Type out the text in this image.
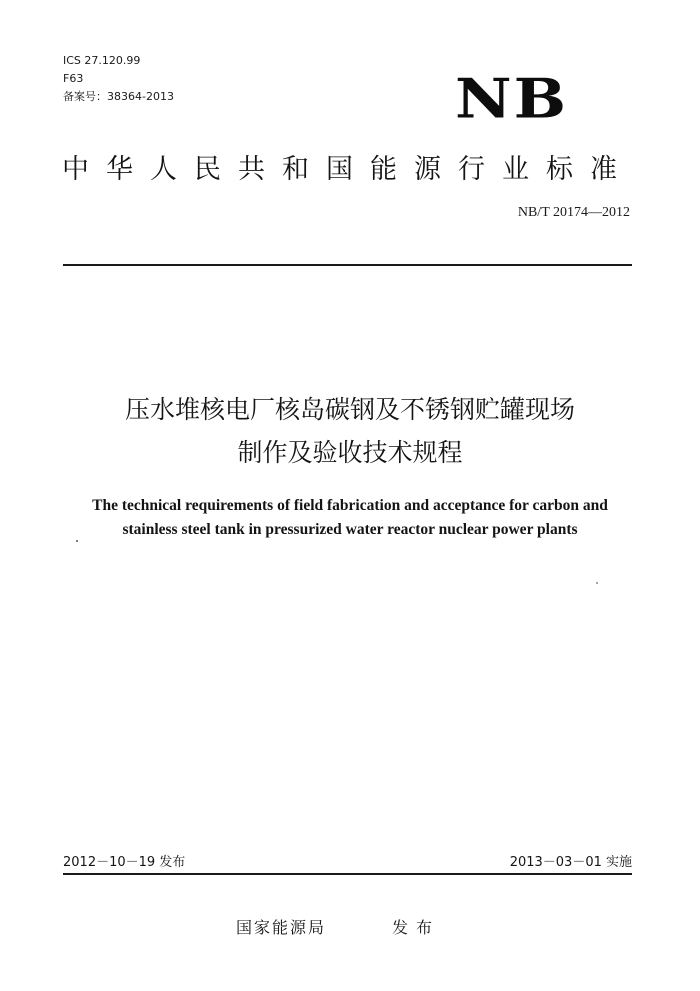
ICS 27.120.99
F63
备案号：38364-2013	NB
中华人民共和国能源行业标准
NB/T 20174—2012
压水堆核电厂核岛碳钢及不锈钢贮罐现场
制作及验收技术规程
The technical requirements of field fabrication and acceptance for carbon and
stainless steel tank in pressurized water reactor nuclear power plants
2012－10－19 发布	2013－03－01 实施
国家能源局	发布
